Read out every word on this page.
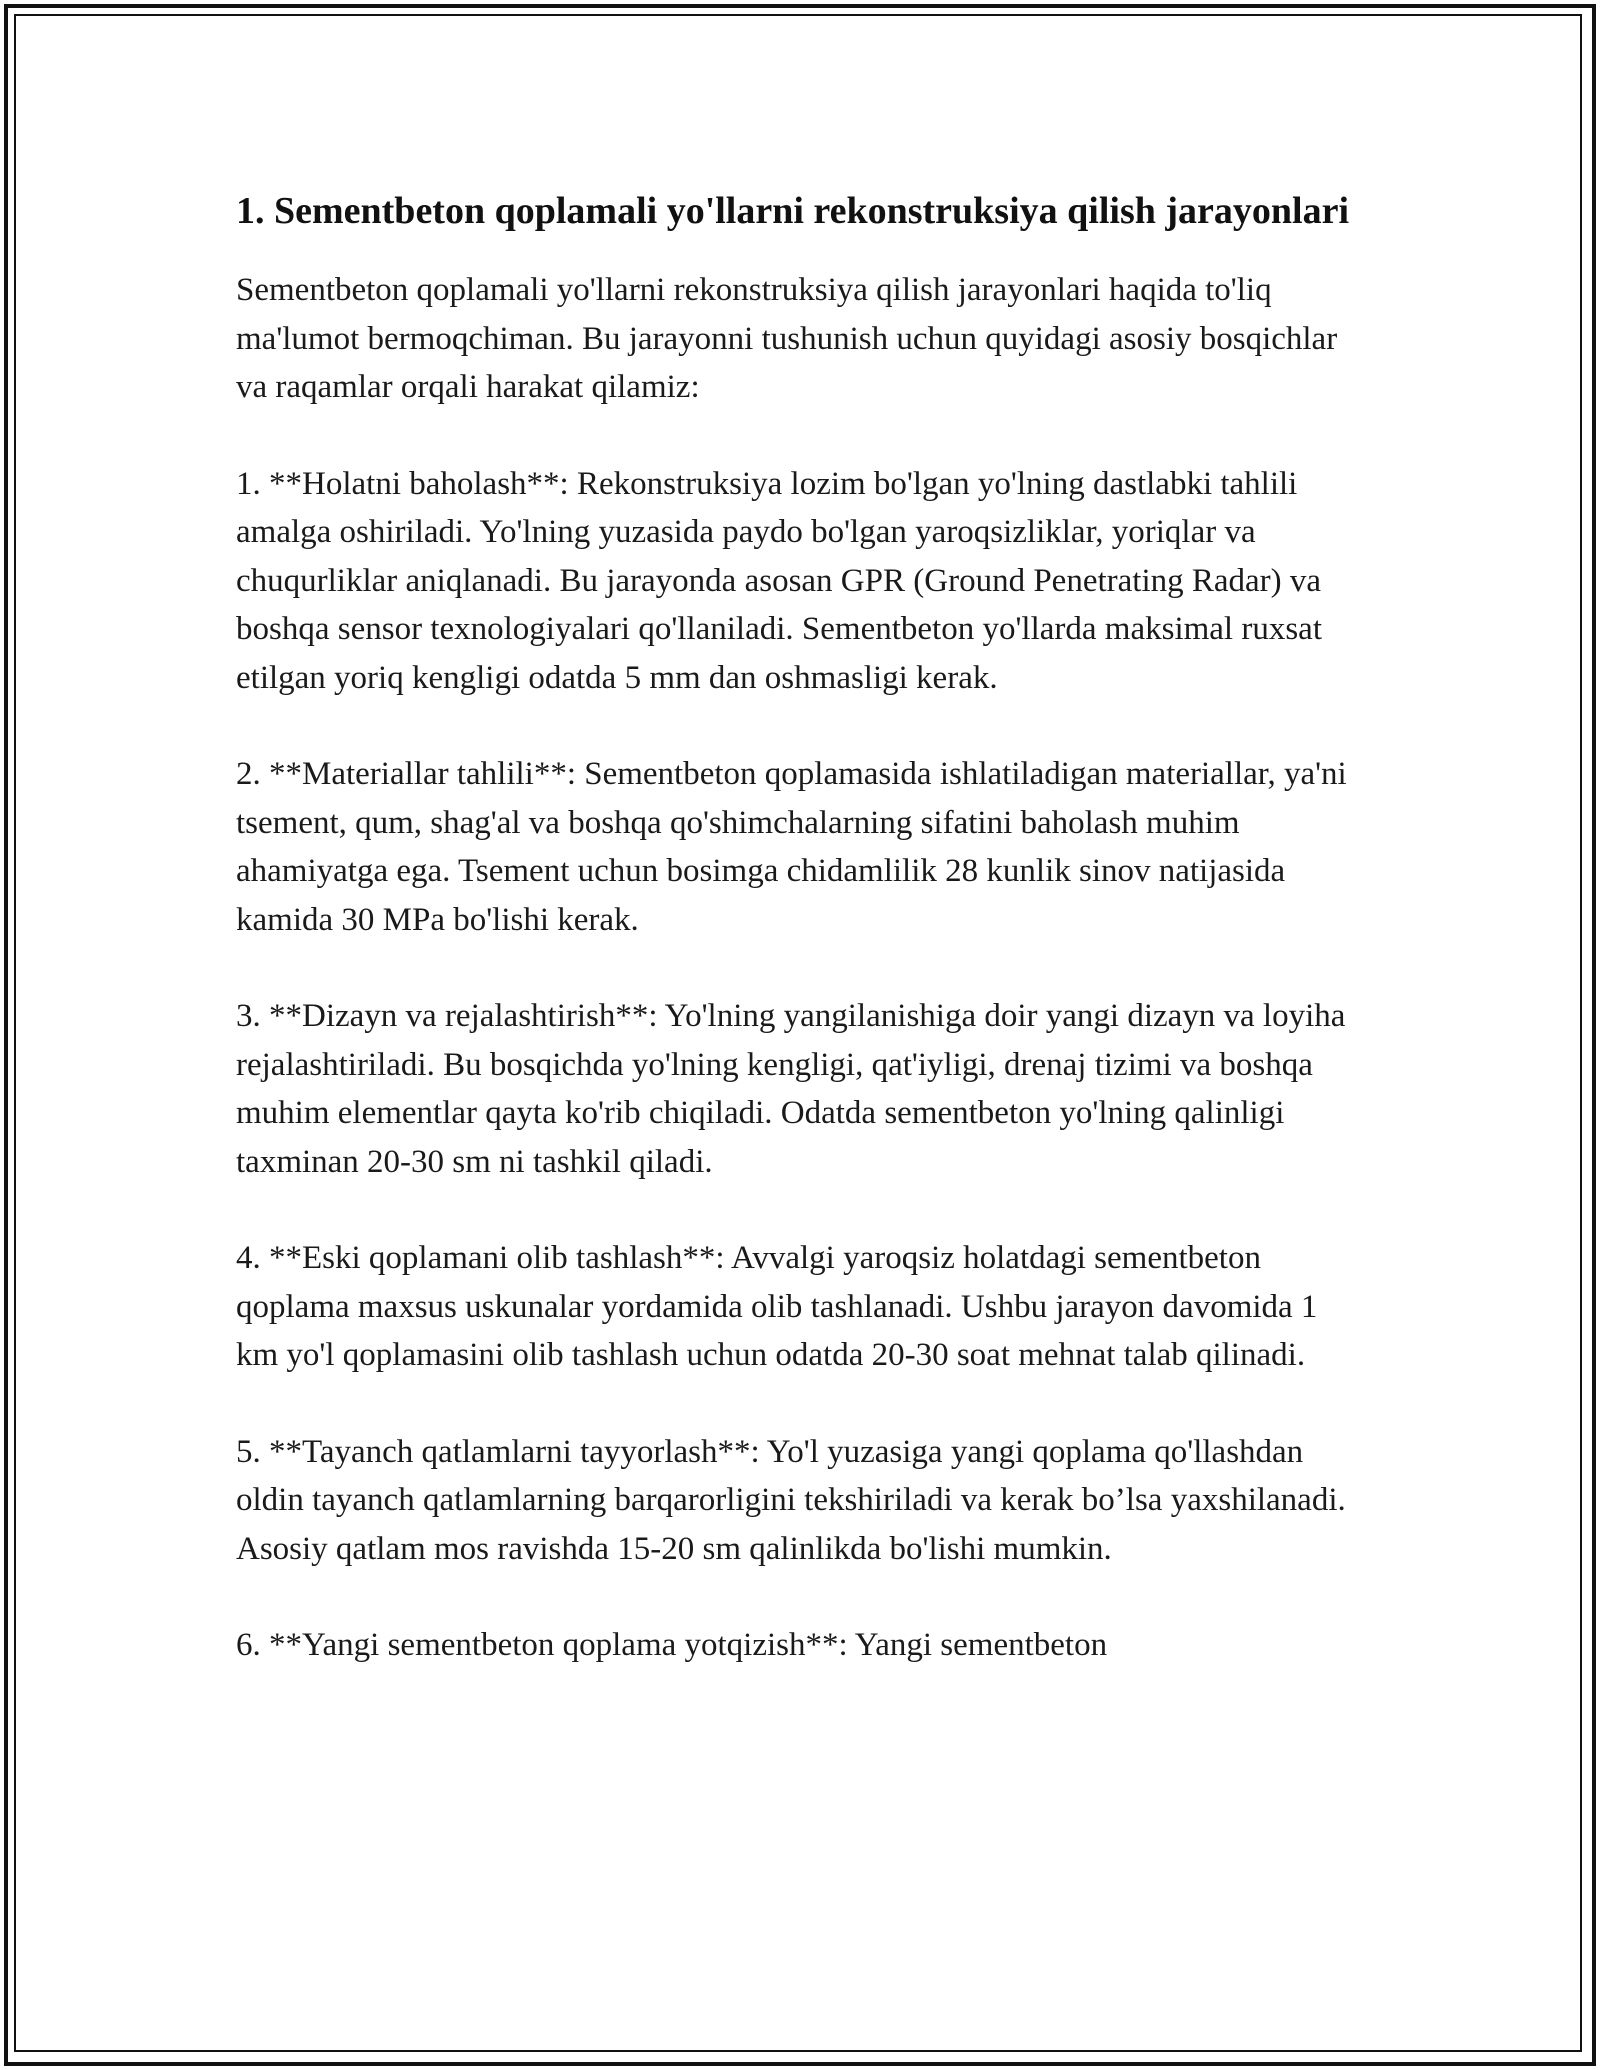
1. Sementbeton qoplamali yo'llarni rekonstruksiya qilish jarayonlari

Sementbeton qoplamali yo'llarni rekonstruksiya qilish jarayonlari haqida to'liq ma'lumot bermoqchiman. Bu jarayonni tushunish uchun quyidagi asosiy bosqichlar va raqamlar orqali harakat qilamiz:

1. **Holatni baholash**: Rekonstruksiya lozim bo'lgan yo'lning dastlabki tahlili amalga oshiriladi. Yo'lning yuzasida paydo bo'lgan yaroqsizliklar, yoriqlar va chuqurliklar aniqlanadi. Bu jarayonda asosan GPR (Ground Penetrating Radar) va boshqa sensor texnologiyalari qo'llaniladi. Sementbeton yo'llarda maksimal ruxsat etilgan yoriq kengligi odatda 5 mm dan oshmasligi kerak.

2. **Materiallar tahlili**: Sementbeton qoplamasida ishlatiladigan materiallar, ya'ni tsement, qum, shag'al va boshqa qo'shimchalarning sifatini baholash muhim ahamiyatga ega. Tsement uchun bosimga chidamlilik 28 kunlik sinov natijasida kamida 30 MPa bo'lishi kerak.

3. **Dizayn va rejalashtirish**: Yo'lning yangilanishiga doir yangi dizayn va loyiha rejalashtiriladi. Bu bosqichda yo'lning kengligi, qat'iyligi, drenaj tizimi va boshqa muhim elementlar qayta ko'rib chiqiladi. Odatda sementbeton yo'lning qalinligi taxminan 20-30 sm ni tashkil qiladi.

4. **Eski qoplamani olib tashlash**: Avvalgi yaroqsiz holatdagi sementbeton qoplama maxsus uskunalar yordamida olib tashlanadi. Ushbu jarayon davomida 1 km yo'l qoplamasini olib tashlash uchun odatda 20-30 soat mehnat talab qilinadi.

5. **Tayanch qatlamlarni tayyorlash**: Yo'l yuzasiga yangi qoplama qo'llashdan oldin tayanch qatlamlarning barqarorligini tekshiriladi va kerak bo’lsa yaxshilanadi. Asosiy qatlam mos ravishda 15-20 sm qalinlikda bo'lishi mumkin.

6. **Yangi sementbeton qoplama yotqizish**: Yangi sementbeton
